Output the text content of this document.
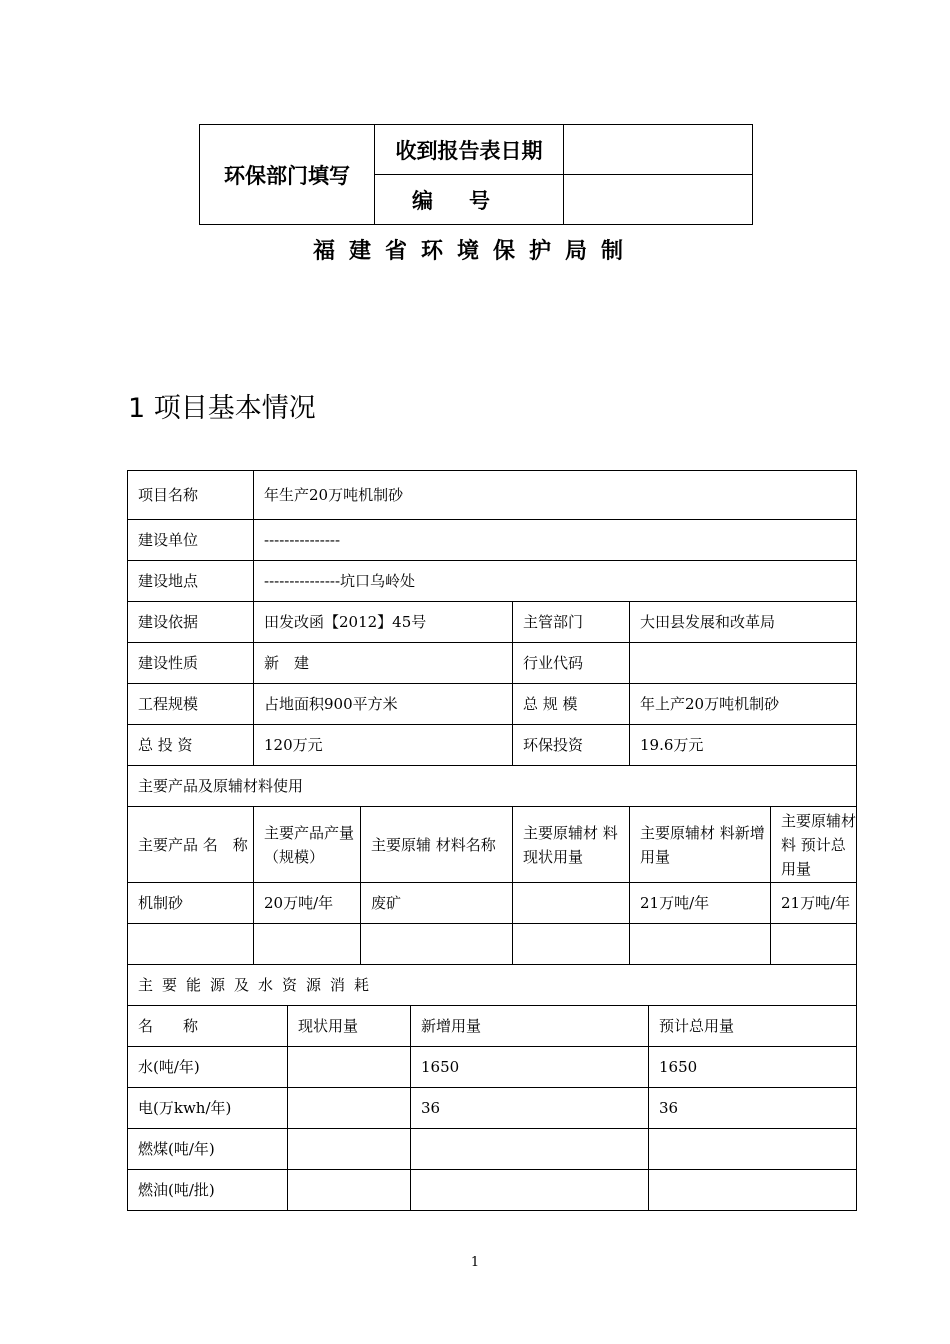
环保部门填写	收到报告表日期	
	编号	
福建省环境保护局制
1 项目基本情况
项目名称	年生产20万吨机制砂							
建设单位	---------------							
建设地点	---------------坑口乌岭处							
建设依据	田发改函【2012】45号				主管部门	大田县发展和改革局		
建设性质	新　建				行业代码			
工程规模	占地面积900平方米				总 规 模	年上产20万吨机制砂		
总 投 资	120万元				环保投资	19.6万元		
主要产品及原辅材料使用								
主要产品 名　称	主要产品产量　（规模）		主要原辅 材料名称		主要原辅材 料现状用量	主要原辅材 料新增用量		主要原辅材料 预计总用量
机制砂	20万吨/年		废矿			21万吨/年		21万吨/年

主要能源及水资源消耗								
名　　称		现状用量		新增用量			预计总用量	
水(吨/年)				1650			1650	
电(万kwh/年)				36			36	
燃煤(吨/年)								
燃油(吨/批)								
1
